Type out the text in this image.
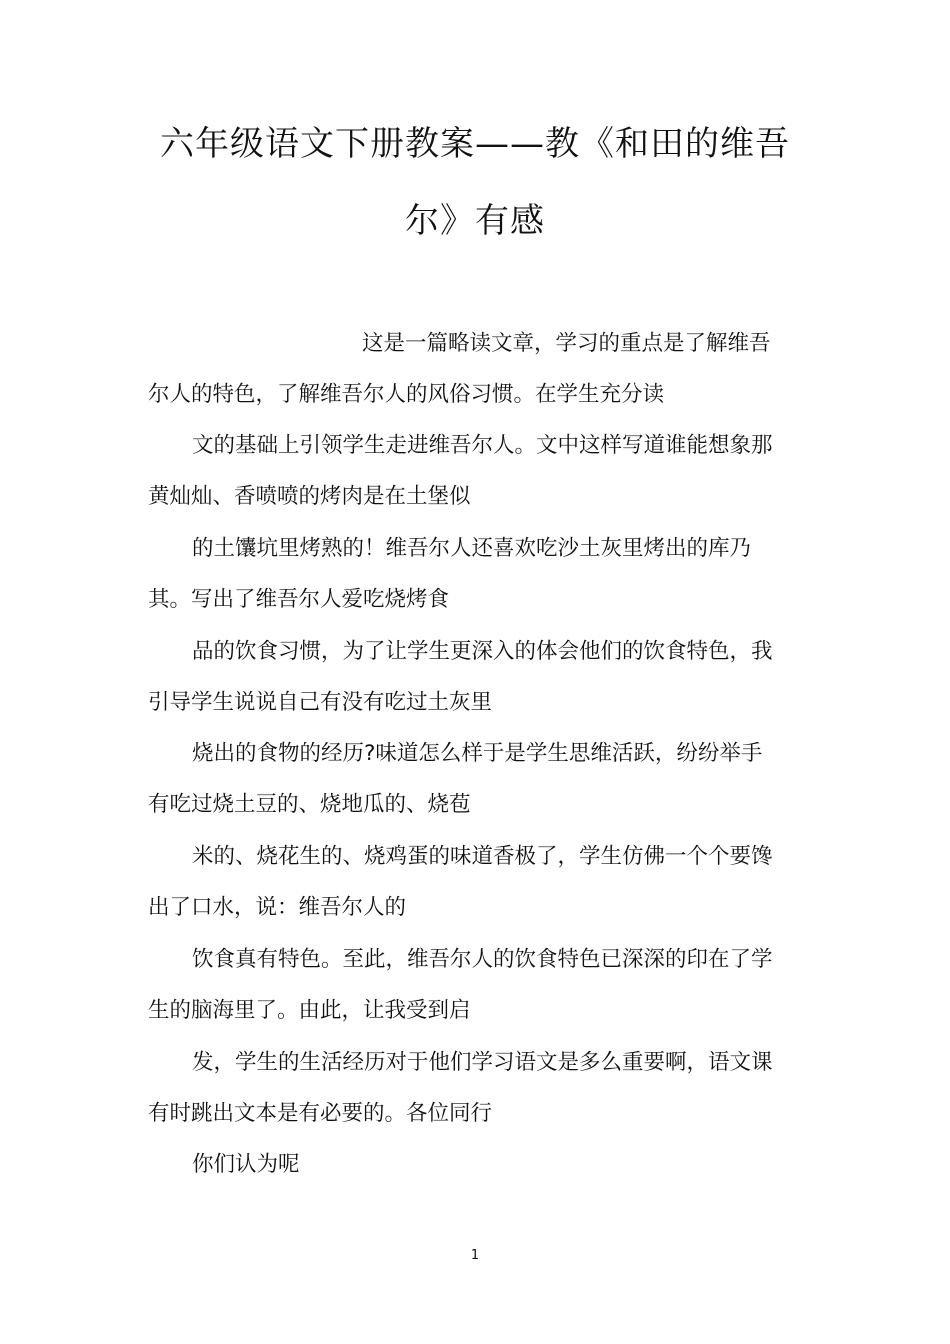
六年级语文下册教案——教《和田的维吾
尔》有感
这是一篇略读文章，学习的重点是了解维吾
尔人的特色，了解维吾尔人的风俗习惯。在学生充分读
文的基础上引领学生走进维吾尔人。文中这样写道谁能想象那
黄灿灿、香喷喷的烤肉是在土堡似
的土馕坑里烤熟的！维吾尔人还喜欢吃沙土灰里烤出的库乃
其。写出了维吾尔人爱吃烧烤食
品的饮食习惯，为了让学生更深入的体会他们的饮食特色，我
引导学生说说自己有没有吃过土灰里
烧出的食物的经历?味道怎么样于是学生思维活跃，纷纷举手
有吃过烧土豆的、烧地瓜的、烧苞
米的、烧花生的、烧鸡蛋的味道香极了，学生仿佛一个个要馋
出了口水，说：维吾尔人的
饮食真有特色。至此，维吾尔人的饮食特色已深深的印在了学
生的脑海里了。由此，让我受到启
发，学生的生活经历对于他们学习语文是多么重要啊，语文课
有时跳出文本是有必要的。各位同行
你们认为呢
1
